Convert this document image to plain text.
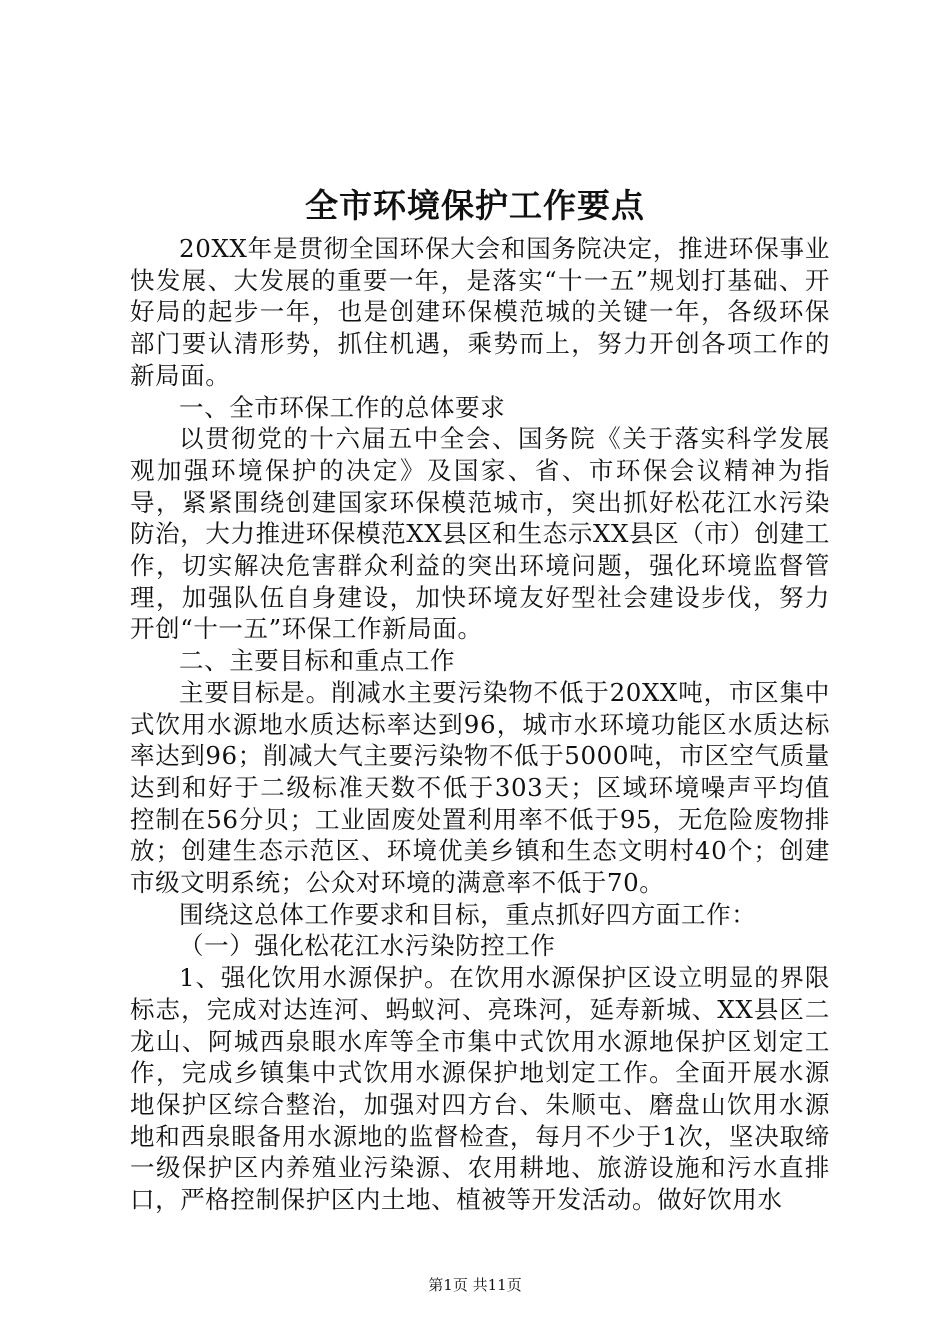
全市环境保护工作要点

20XX年是贯彻全国环保大会和国务院决定，推进环保事业快发展、大发展的重要一年，是落实“十一五”规划打基础、开好局的起步一年，也是创建环保模范城的关键一年，各级环保部门要认清形势，抓住机遇，乘势而上，努力开创各项工作的新局面。

一、全市环保工作的总体要求

以贯彻党的十六届五中全会、国务院《关于落实科学发展观加强环境保护的决定》及国家、省、市环保会议精神为指导，紧紧围绕创建国家环保模范城市，突出抓好松花江水污染防治，大力推进环保模范XX县区和生态示XX县区（市）创建工作，切实解决危害群众利益的突出环境问题，强化环境监督管理，加强队伍自身建设，加快环境友好型社会建设步伐，努力开创“十一五”环保工作新局面。

二、主要目标和重点工作

主要目标是。削减水主要污染物不低于20XX吨，市区集中式饮用水源地水质达标率达到96，城市水环境功能区水质达标率达到96；削减大气主要污染物不低于5000吨，市区空气质量达到和好于二级标准天数不低于303天；区域环境噪声平均值控制在56分贝；工业固废处置利用率不低于95，无危险废物排放；创建生态示范区、环境优美乡镇和生态文明村40个；创建市级文明系统；公众对环境的满意率不低于70。

围绕这总体工作要求和目标，重点抓好四方面工作：

（一）强化松花江水污染防控工作

1、强化饮用水源保护。在饮用水源保护区设立明显的界限标志，完成对达连河、蚂蚁河、亮珠河，延寿新城、XX县区二龙山、阿城西泉眼水库等全市集中式饮用水源地保护区划定工作，完成乡镇集中式饮用水源保护地划定工作。全面开展水源地保护区综合整治，加强对四方台、朱顺屯、磨盘山饮用水源地和西泉眼备用水源地的监督检查，每月不少于1次，坚决取缔一级保护区内养殖业污染源、农用耕地、旅游设施和污水直排口，严格控制保护区内土地、植被等开发活动。做好饮用水

第1页 共11页
